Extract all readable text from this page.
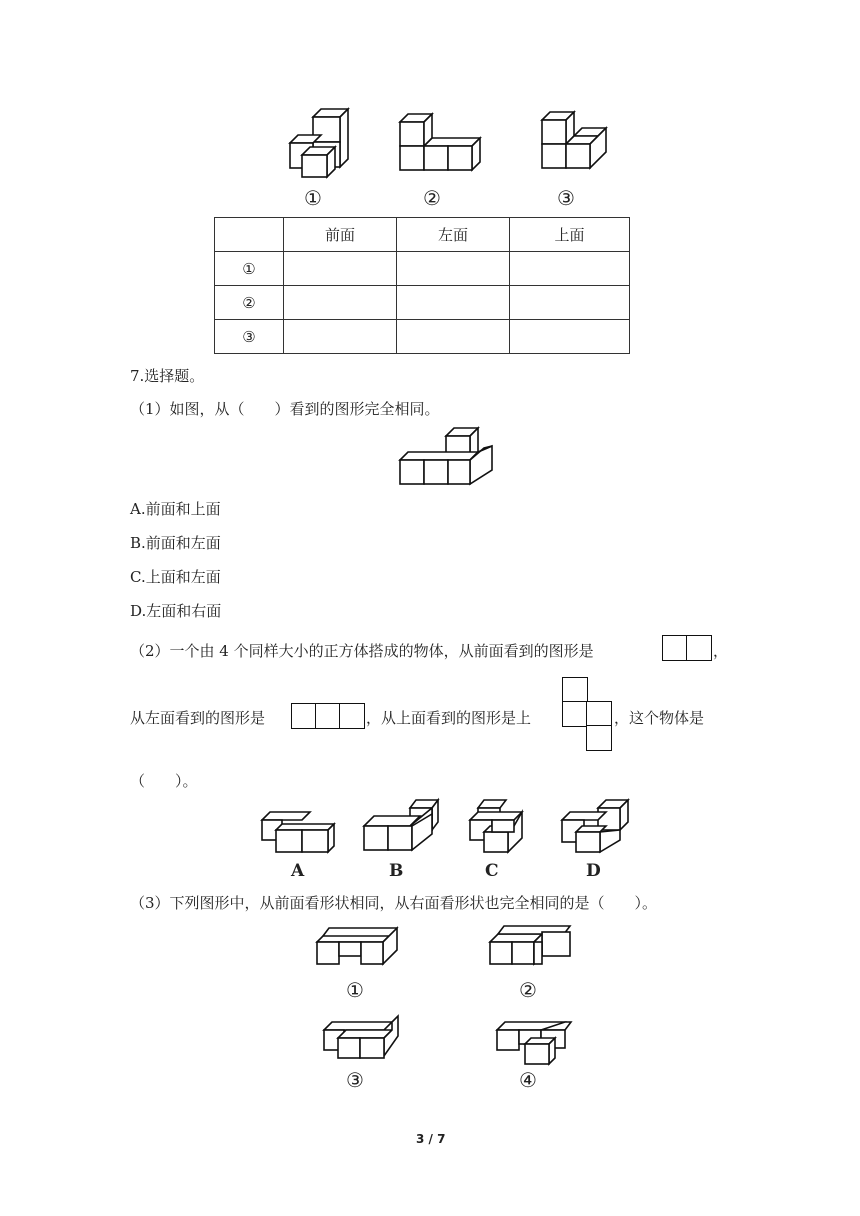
①	②	③
	前面	左面	上面
①			
②			
③			
7.选择题。
（1）如图，从（　　）看到的图形完全相同。
A.前面和上面
B.前面和左面
C.上面和左面
D.左面和右面
（2）一个由 4 个同样大小的正方体搭成的物体，从前面看到的图形是	，
从左面看到的图形是	，从上面看到的图形是上	，这个物体是
（　　）。
A	B	C	D
（3）下列图形中，从前面看形状相同，从右面看形状也完全相同的是（　　）。
①	②
③	④
3 / 7
